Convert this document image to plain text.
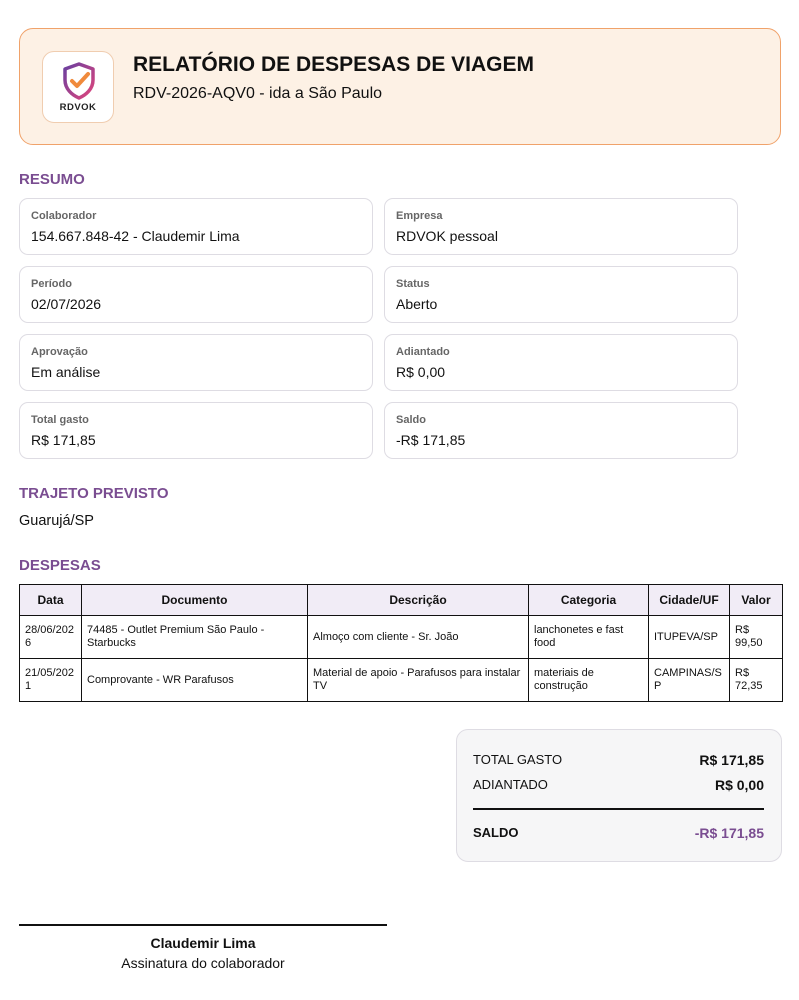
RDVOK
RELATÓRIO DE DESPESAS DE VIAGEM
RDV-2026-AQV0 - ida a São Paulo
RESUMO
Colaborador
154.667.848-42 - Claudemir Lima
Empresa
RDVOK pessoal
Período
02/07/2026
Status
Aberto
Aprovação
Em análise
Adiantado
R$ 0,00
Total gasto
R$ 171,85
Saldo
-R$ 171,85
TRAJETO PREVISTO
Guarujá/SP
DESPESAS
Data	Documento	Descrição	Categoria	Cidade/UF	Valor
28/06/2026	74485 - Outlet Premium São Paulo - Starbucks	Almoço com cliente - Sr. João	lanchonetes e fast food	ITUPEVA/SP	R$ 99,50
21/05/2021	Comprovante - WR Parafusos	Material de apoio - Parafusos para instalar TV	materiais de construção	CAMPINAS/SP	R$ 72,35
TOTAL GASTO	R$ 171,85
ADIANTADO	R$ 0,00
SALDO	-R$ 171,85
Claudemir Lima
Assinatura do colaborador
